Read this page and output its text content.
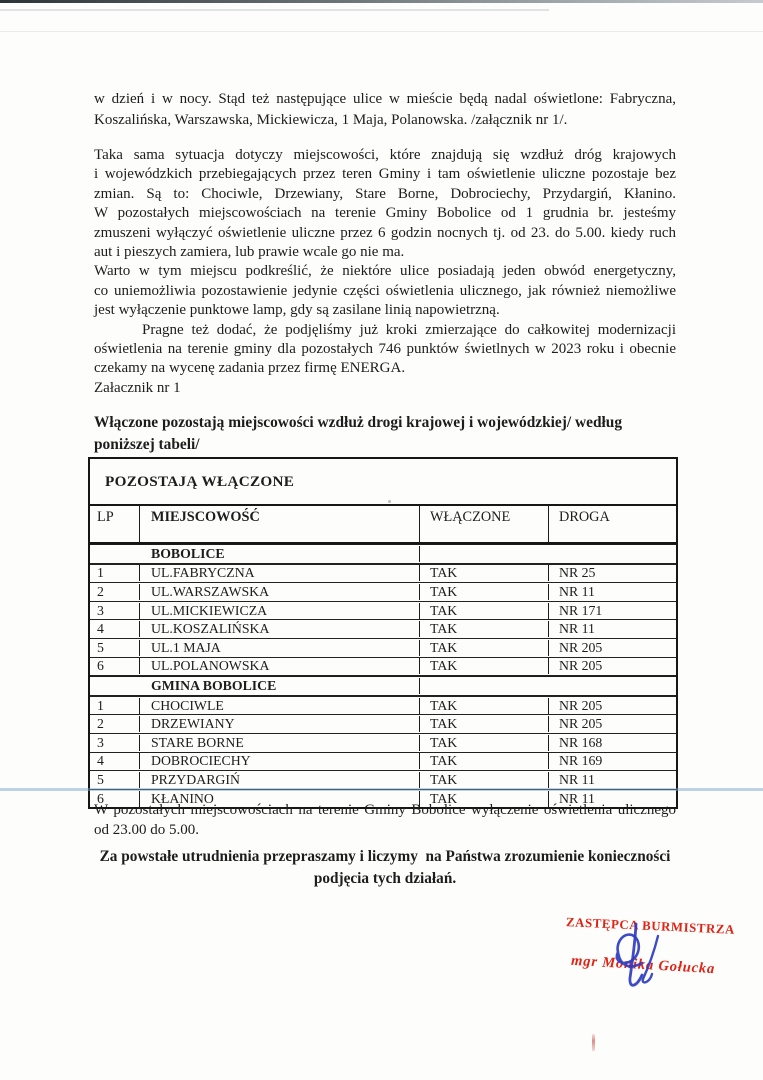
w dzień i w nocy. Stąd też następujące ulice w mieście będą nadal oświetlone: Fabryczna,
Koszalińska, Warszawska, Mickiewicza, 1 Maja, Polanowska. /załącznik nr 1/.
Taka sama sytuacja dotyczy miejscowości, które znajdują się wzdłuż dróg krajowych
i wojewódzkich przebiegających przez teren Gminy i tam oświetlenie uliczne pozostaje bez
zmian. Są to: Chociwle, Drzewiany, Stare Borne, Dobrociechy, Przydargiń, Kłanino.
W pozostałych miejscowościach na terenie Gminy Bobolice od 1 grudnia br. jesteśmy
zmuszeni wyłączyć oświetlenie uliczne przez 6 godzin nocnych tj. od 23. do 5.00. kiedy ruch
aut i pieszych zamiera, lub prawie wcale go nie ma.
Warto w tym miejscu podkreślić, że niektóre ulice posiadają jeden obwód energetyczny,
co uniemożliwia pozostawienie jedynie części oświetlenia ulicznego, jak również niemożliwe
jest wyłączenie punktowe lamp, gdy są zasilane linią napowietrzną.
Pragne też dodać, że podjęliśmy już kroki zmierzające do całkowitej modernizacji
oświetlenia na terenie gminy dla pozostałych 746 punktów świetlnych w 2023 roku i obecnie
czekamy na wycenę zadania przez firmę ENERGA.
Załacznik nr 1
Włączone pozostają miejscowości wzdłuż drogi krajowej i wojewódzkiej/ według
poniższej tabeli/
POZOSTAJĄ WŁĄCZONE
LP	MIEJSCOWOŚĆ	WŁĄCZONE	DROGA
BOBOLICE
1	UL.FABRYCZNA	TAK	NR 25
2	UL.WARSZAWSKA	TAK	NR 11
3	UL.MICKIEWICZA	TAK	NR 171
4	UL.KOSZALIŃSKA	TAK	NR 11
5	UL.1 MAJA	TAK	NR 205
6	UL.POLANOWSKA	TAK	NR 205
GMINA BOBOLICE
1	CHOCIWLE	TAK	NR 205
2	DRZEWIANY	TAK	NR 205
3	STARE BORNE	TAK	NR 168
4	DOBROCIECHY	TAK	NR 169
5	PRZYDARGIŃ	TAK	NR 11
6	KŁANINO	TAK	NR 11
W pozostałych miejscowościach na terenie Gminy Bobolice wyłączenie oświetlenia ulicznego
od 23.00 do 5.00.
Za powstałe utrudnienia przepraszamy i liczymy  na Państwa zrozumienie konieczności
podjęcia tych działań.
ZASTĘPCA BURMISTRZA
mgr Monika Gołucka
